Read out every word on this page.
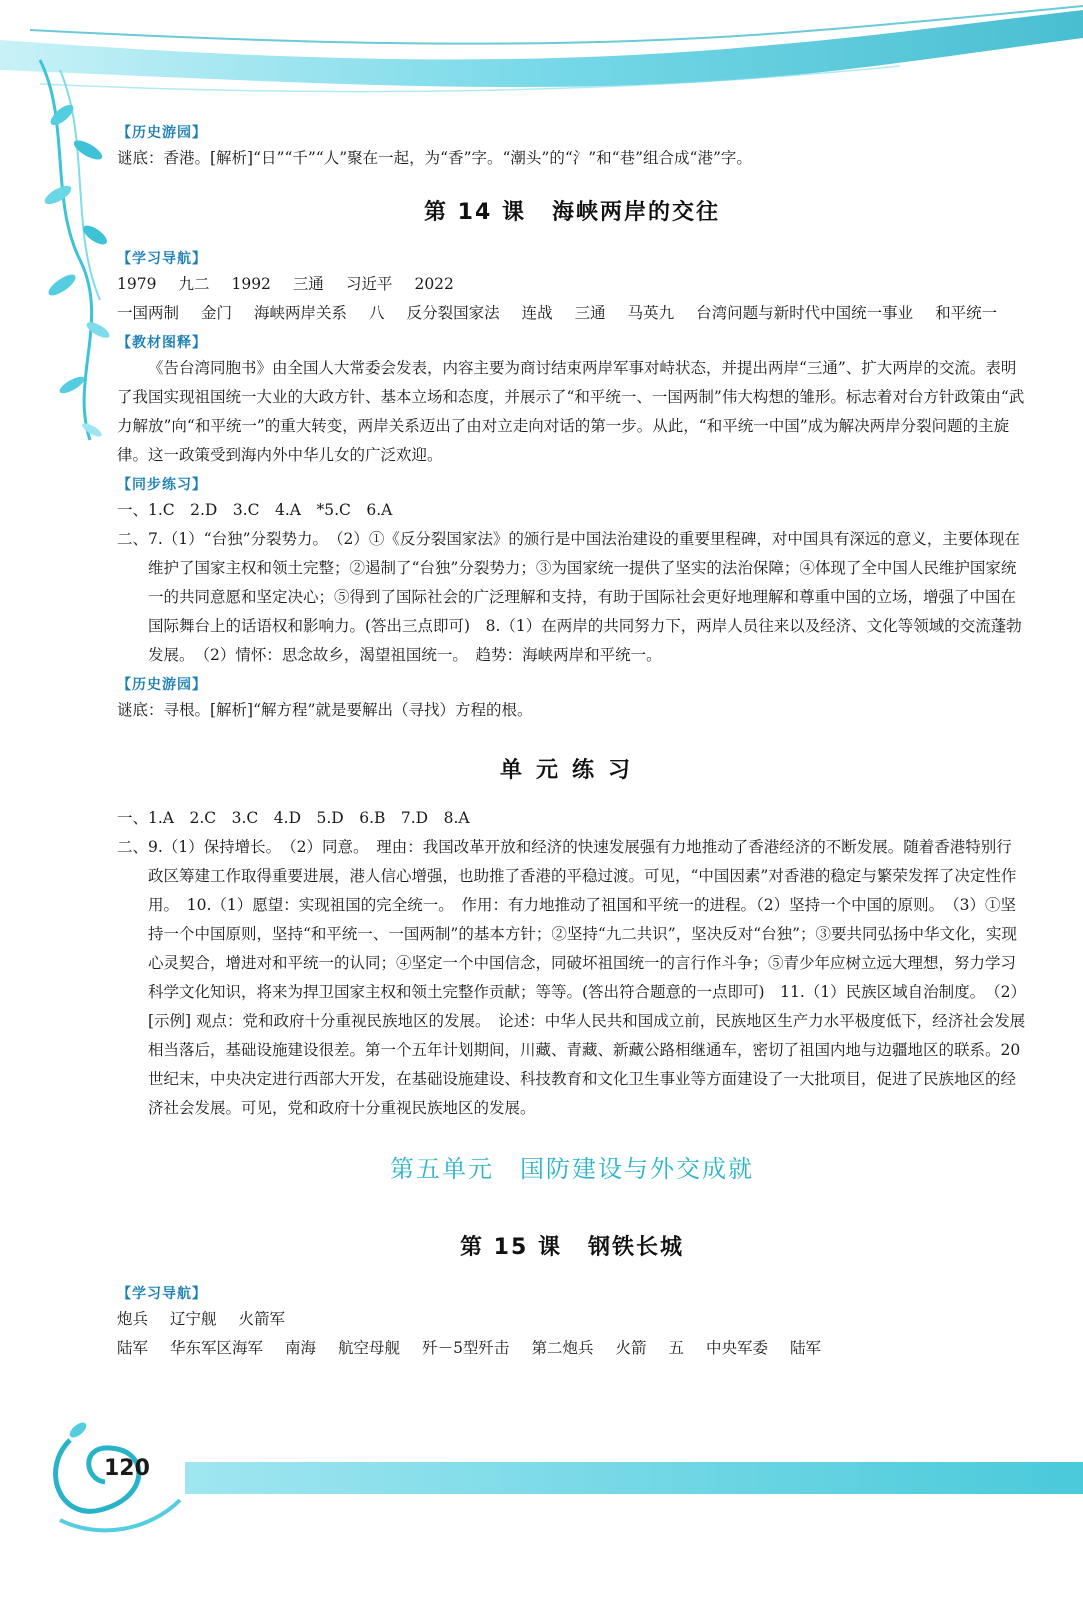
120
【历史游园】

谜底：香港。[解析]“日”“千”“人”聚在一起，为“香”字。“潮头”的“氵”和“巷”组合成“港”字。

第 14 课 海峡两岸的交往
【学习导航】

1979 九二 1992 三通 习近平 2022

一国两制 金门 海峡两岸关系 八 反分裂国家法 连战 三通 马英九 台湾问题与新时代中国统一事业 和平统一

【教材图释】

《告台湾同胞书》由全国人大常委会发表，内容主要为商讨结束两岸军事对峙状态，并提出两岸“三通”、扩大两岸的交流。表明了我国实现祖国统一大业的大政方针、基本立场和态度，并展示了“和平统一、一国两制”伟大构想的雏形。标志着对台方针政策由“武力解放”向“和平统一”的重大转变，两岸关系迈出了由对立走向对话的第一步。从此，“和平统一中国”成为解决两岸分裂问题的主旋律。这一政策受到海内外中华儿女的广泛欢迎。

【同步练习】

一、1.C　2.D　3.C　4.A　*5.C　6.A

二、7.（1）“台独”分裂势力。　（2）①《反分裂国家法》的颁行是中国法治建设的重要里程碑，对中国具有深远的意义，主要体现在维护了国家主权和领土完整；②遏制了“台独”分裂势力；③为国家统一提供了坚实的法治保障；④体现了全中国人民维护国家统一的共同意愿和坚定决心；⑤得到了国际社会的广泛理解和支持，有助于国际社会更好地理解和尊重中国的立场，增强了中国在国际舞台上的话语权和影响力。(答出三点即可)　8.（1）在两岸的共同努力下，两岸人员往来以及经济、文化等领域的交流蓬勃发展。　（2）情怀：思念故乡，渴望祖国统一。　趋势：海峡两岸和平统一。

【历史游园】

谜底：寻根。[解析]“解方程”就是要解出（寻找）方程的根。

单元练习

一、1.A　2.C　3.C　4.D　5.D　6.B　7.D　8.A

二、9.（1）保持增长。　（2）同意。　理由：我国改革开放和经济的快速发展强有力地推动了香港经济的不断发展。随着香港特别行政区筹建工作取得重要进展，港人信心增强，也助推了香港的平稳过渡。可见，“中国因素”对香港的稳定与繁荣发挥了决定性作用。　10.（1）愿望：实现祖国的完全统一。　作用：有力地推动了祖国和平统一的进程。（2）坚持一个中国的原则。　（3）①坚持一个中国原则，坚持“和平统一、一国两制”的基本方针；②坚持“九二共识”，坚决反对“台独”；③要共同弘扬中华文化，实现心灵契合，增进对和平统一的认同；④坚定一个中国信念，同破坏祖国统一的言行作斗争；⑤青少年应树立远大理想，努力学习科学文化知识，将来为捍卫国家主权和领土完整作贡献；等等。(答出符合题意的一点即可)　11.（1）民族区域自治制度。　（2）[示例] 观点：党和政府十分重视民族地区的发展。　论述：中华人民共和国成立前，民族地区生产力水平极度低下，经济社会发展相当落后，基础设施建设很差。第一个五年计划期间，川藏、青藏、新藏公路相继通车，密切了祖国内地与边疆地区的联系。20 世纪末，中央决定进行西部大开发，在基础设施建设、科技教育和文化卫生事业等方面建设了一大批项目，促进了民族地区的经济社会发展。可见，党和政府十分重视民族地区的发展。

第五单元　国防建设与外交成就
第 15 课 钢铁长城
【学习导航】

炮兵 辽宁舰 火箭军

陆军 华东军区海军 南海 航空母舰 歼－5型歼击 第二炮兵 火箭 五 中央军委 陆军
